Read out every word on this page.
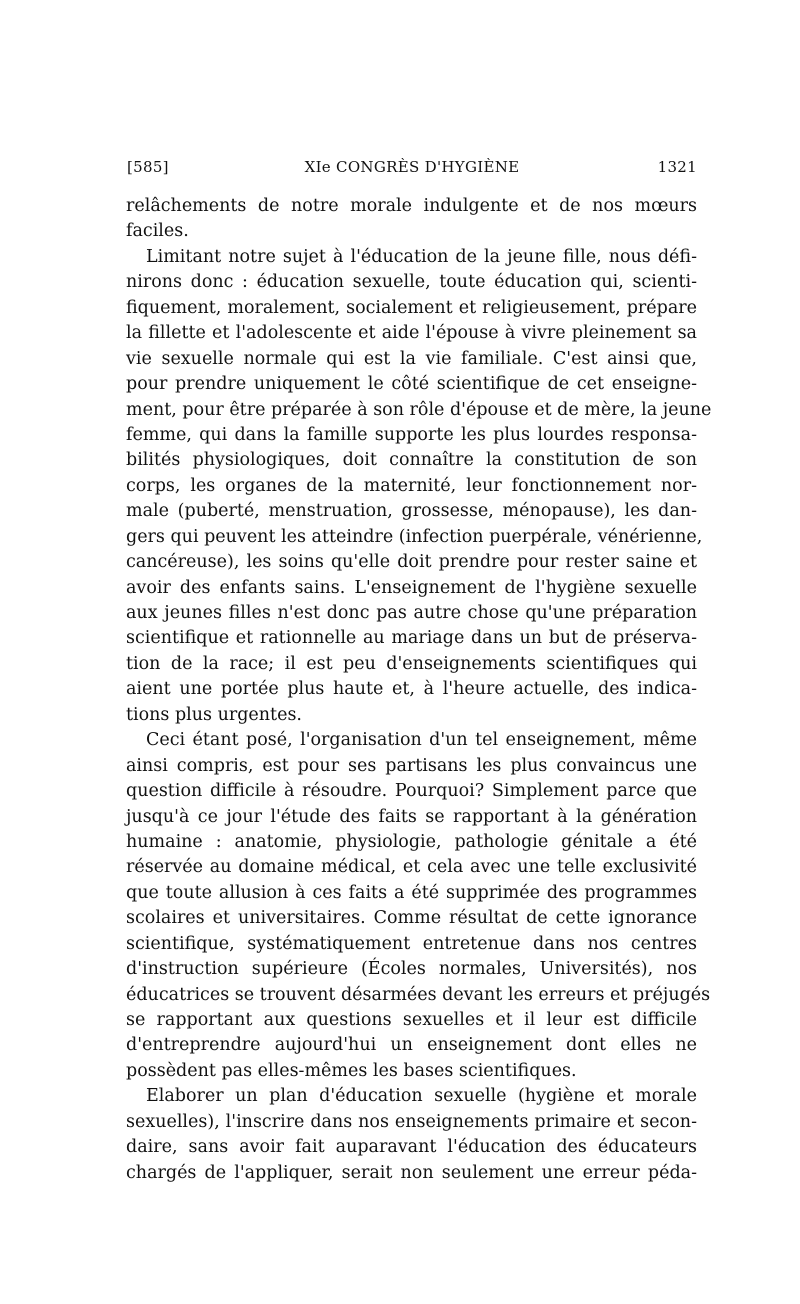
[585]	XIe CONGRÈS D'HYGIÈNE	1321
relâchements de notre morale indulgente et de nos mœurs
faciles.
Limitant notre sujet à l'éducation de la jeune fille, nous défi-
nirons donc : éducation sexuelle, toute éducation qui, scienti-
fiquement, moralement, socialement et religieusement, prépare
la fillette et l'adolescente et aide l'épouse à vivre pleinement sa
vie sexuelle normale qui est la vie familiale. C'est ainsi que,
pour prendre uniquement le côté scientifique de cet enseigne-
ment, pour être préparée à son rôle d'épouse et de mère, la jeune
femme, qui dans la famille supporte les plus lourdes responsa-
bilités physiologiques, doit connaître la constitution de son
corps, les organes de la maternité, leur fonctionnement nor-
male (puberté, menstruation, grossesse, ménopause), les dan-
gers qui peuvent les atteindre (infection puerpérale, vénérienne,
cancéreuse), les soins qu'elle doit prendre pour rester saine et
avoir des enfants sains. L'enseignement de l'hygiène sexuelle
aux jeunes filles n'est donc pas autre chose qu'une préparation
scientifique et rationnelle au mariage dans un but de préserva-
tion de la race; il est peu d'enseignements scientifiques qui
aient une portée plus haute et, à l'heure actuelle, des indica-
tions plus urgentes.
Ceci étant posé, l'organisation d'un tel enseignement, même
ainsi compris, est pour ses partisans les plus convaincus une
question difficile à résoudre. Pourquoi? Simplement parce que
jusqu'à ce jour l'étude des faits se rapportant à la génération
humaine : anatomie, physiologie, pathologie génitale a été
réservée au domaine médical, et cela avec une telle exclusivité
que toute allusion à ces faits a été supprimée des programmes
scolaires et universitaires. Comme résultat de cette ignorance
scientifique, systématiquement entretenue dans nos centres
d'instruction supérieure (Écoles normales, Universités), nos
éducatrices se trouvent désarmées devant les erreurs et préjugés
se rapportant aux questions sexuelles et il leur est difficile
d'entreprendre aujourd'hui un enseignement dont elles ne
possèdent pas elles-mêmes les bases scientifiques.
Elaborer un plan d'éducation sexuelle (hygiène et morale
sexuelles), l'inscrire dans nos enseignements primaire et secon-
daire, sans avoir fait auparavant l'éducation des éducateurs
chargés de l'appliquer, serait non seulement une erreur péda-
